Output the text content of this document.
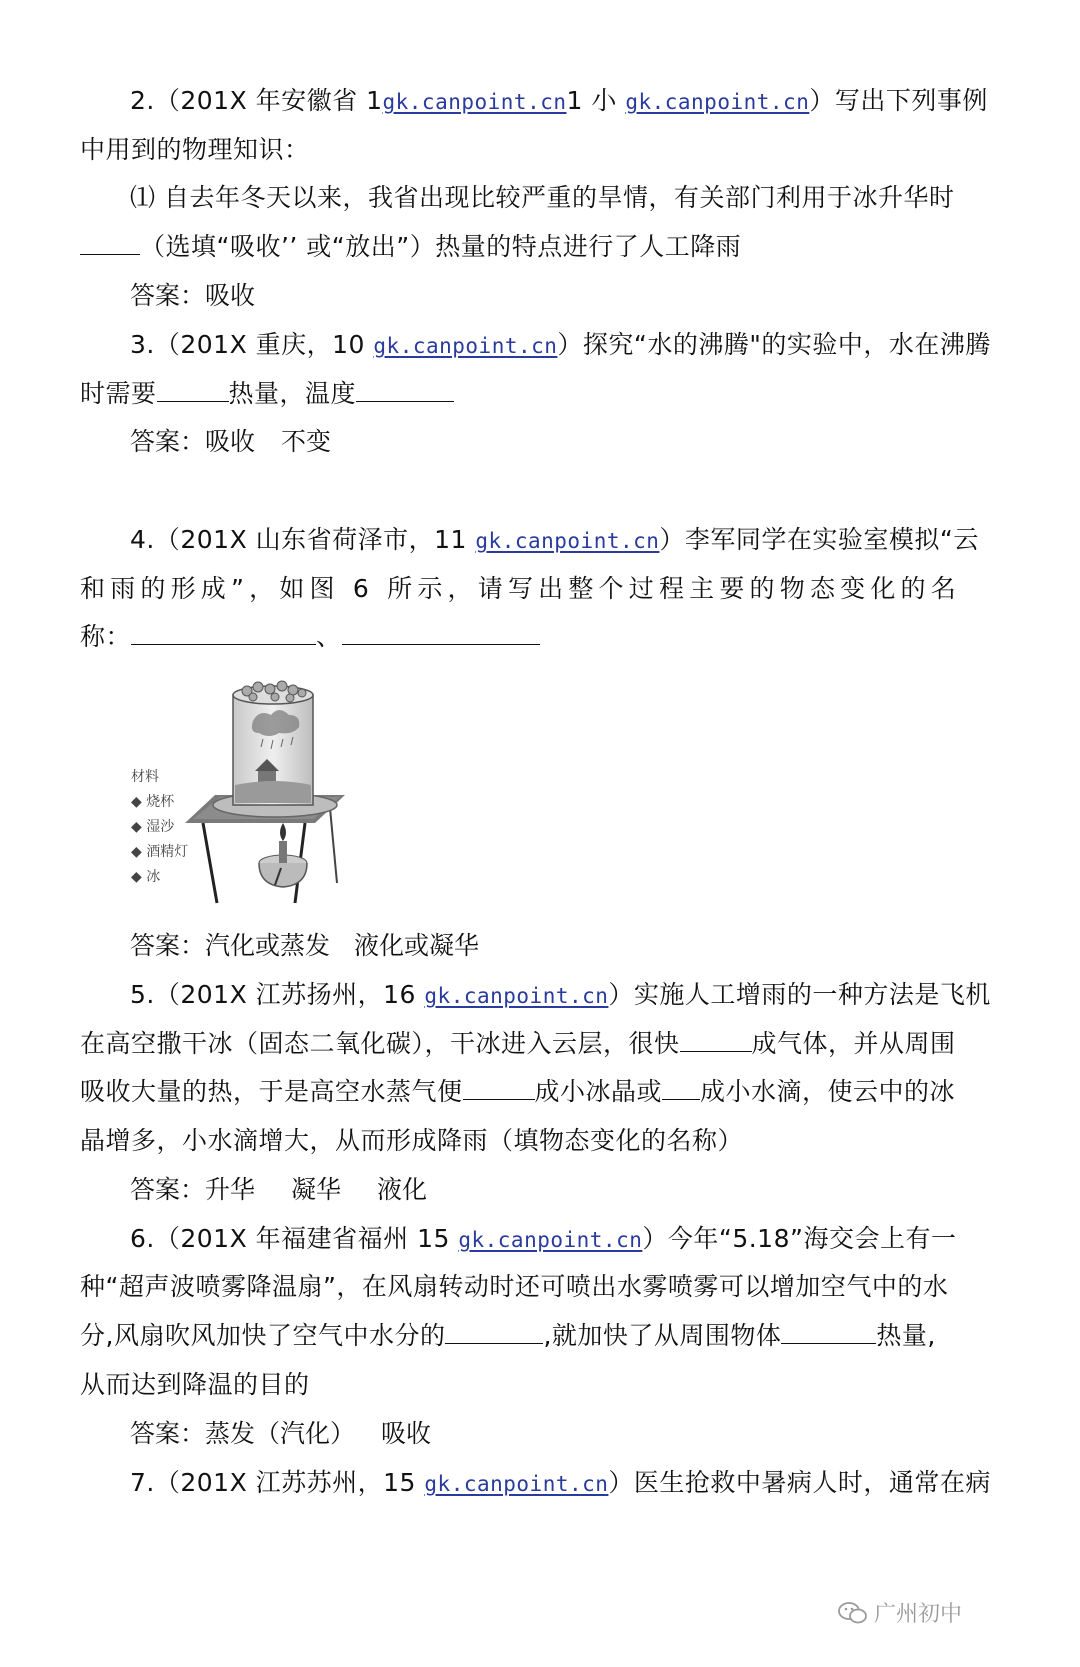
2.（201X 年安徽省 1gk.canpoint.cn1 小 gk.canpoint.cn）写出下列事例
中用到的物理知识：
⑴ 自去年冬天以来，我省出现比较严重的旱情，有关部门利用于冰升华时
（选填“吸收’’ 或“放出”）热量的特点进行了人工降雨
答案：吸收
3.（201X 重庆，10 gk.canpoint.cn）探究“水的沸腾"的实验中，水在沸腾
时需要	热量，温度
答案：吸收 不变
4.（201X 山东省荷泽市，11 gk.canpoint.cn）李军同学在实验室模拟“云
和雨的形成”，如图 6 所示，请写出整个过程主要的物态变化的名
称：	、
材料
◆ 烧杯
◆ 湿沙
◆ 酒精灯
◆ 冰
答案：汽化或蒸发 液化或凝华
5.（201X 江苏扬州，16 gk.canpoint.cn）实施人工增雨的一种方法是飞机
在高空撒干冰（固态二氧化碳），干冰进入云层，很快	成气体，并从周围
吸收大量的热，于是高空水蒸气便	成小冰晶或 成小水滴，使云中的冰
晶增多，小水滴增大，从而形成降雨（填物态变化的名称）
答案：升华 凝华 液化
6.（201X 年福建省福州 15 gk.canpoint.cn）今年“5.18”海交会上有一
种“超声波喷雾降温扇”，在风扇转动时还可喷出水雾喷雾可以增加空气中的水
分,风扇吹风加快了空气中水分的	,就加快了从周围物体	热量,
从而达到降温的目的
答案：蒸发（汽化） 吸收
7.（201X 江苏苏州，15 gk.canpoint.cn）医生抢救中暑病人时，通常在病
广州初中
